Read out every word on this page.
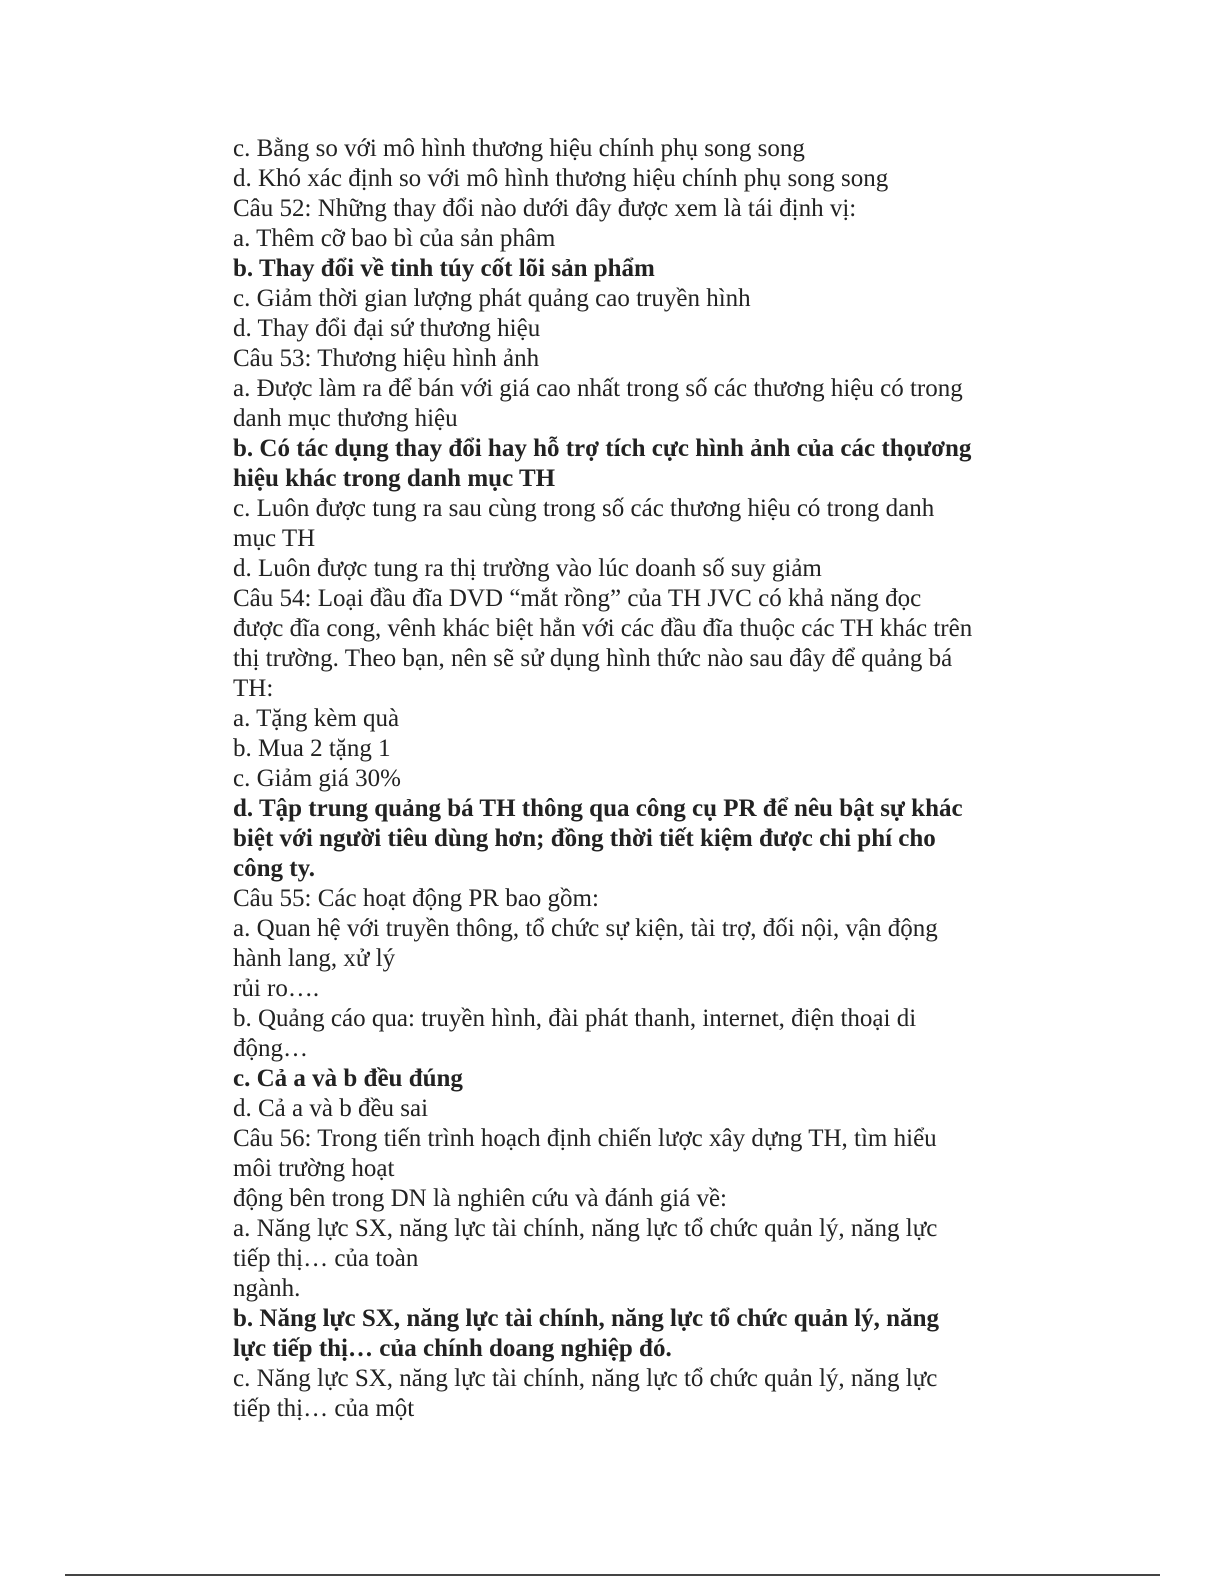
c. Bằng so với mô hình thương hiệu chính phụ song song
d. Khó xác định so với mô hình thương hiệu chính phụ song song
Câu 52: Những thay đổi nào dưới đây được xem là tái định vị:
a. Thêm cỡ bao bì của sản phâm
b. Thay đổi về tinh túy cốt lõi sản phẩm
c. Giảm thời gian lượng phát quảng cao truyền hình
d. Thay đổi đại sứ thương hiệu
Câu 53: Thương hiệu hình ảnh
a. Được làm ra để bán với giá cao nhất trong số các thương hiệu có trong
danh mục thương hiệu
b. Có tác dụng thay đổi hay hỗ trợ tích cực hình ảnh của các thọương
hiệu khác trong danh mục TH
c. Luôn được tung ra sau cùng trong số các thương hiệu có trong danh
mục TH
d. Luôn được tung ra thị trường vào lúc doanh số suy giảm
Câu 54: Loại đầu đĩa DVD “mắt rồng” của TH JVC có khả năng đọc
được đĩa cong, vênh khác biệt hẳn với các đầu đĩa thuộc các TH khác trên
thị trường. Theo bạn, nên sẽ sử dụng hình thức nào sau đây để quảng bá
TH:
a. Tặng kèm quà
b. Mua 2 tặng 1
c. Giảm giá 30%
d. Tập trung quảng bá TH thông qua công cụ PR để nêu bật sự khác
biệt với người tiêu dùng hơn; đồng thời tiết kiệm được chi phí cho
công ty.
Câu 55: Các hoạt động PR bao gồm:
a. Quan hệ với truyền thông, tổ chức sự kiện, tài trợ, đối nội, vận động
hành lang, xử lý
rủi ro….
b. Quảng cáo qua: truyền hình, đài phát thanh, internet, điện thoại di
động…
c. Cả a và b đều đúng
d. Cả a và b đều sai
Câu 56: Trong tiến trình hoạch định chiến lược xây dựng TH, tìm hiểu
môi trường hoạt
động bên trong DN là nghiên cứu và đánh giá về:
a. Năng lực SX, năng lực tài chính, năng lực tổ chức quản lý, năng lực
tiếp thị… của toàn
ngành.
b. Năng lực SX, năng lực tài chính, năng lực tổ chức quản lý, năng
lực tiếp thị… của chính doang nghiệp đó.
c. Năng lực SX, năng lực tài chính, năng lực tổ chức quản lý, năng lực
tiếp thị… của một
